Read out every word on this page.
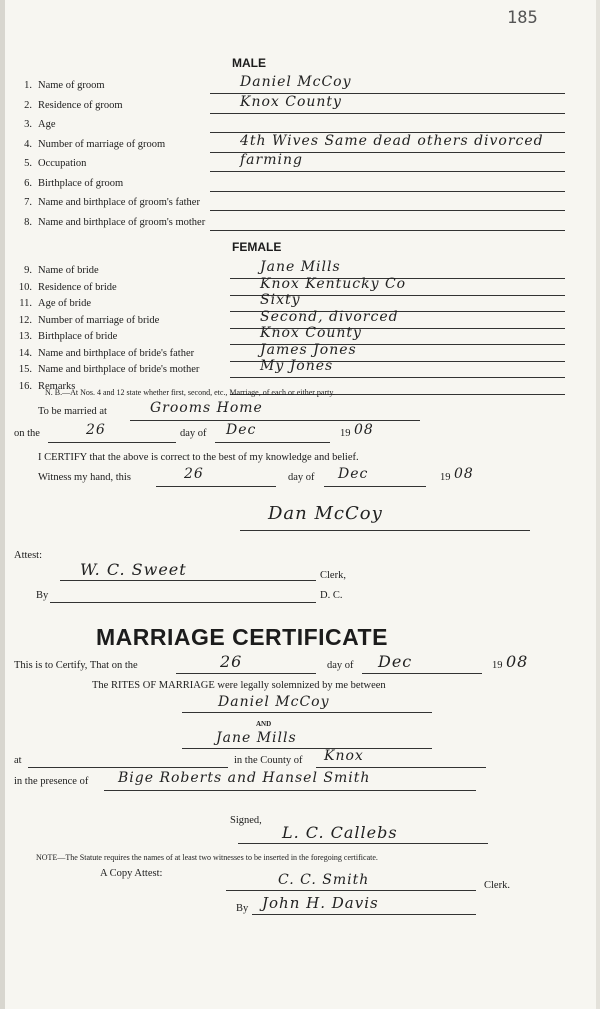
185
MALE
1. Name of groom	Daniel McCoy
2. Residence of groom	Knox County
3. Age
4. Number of marriage of groom	4th Wives Same dead others divorced
5. Occupation	farming
6. Birthplace of groom
7. Name and birthplace of groom's father
8. Name and birthplace of groom's mother
FEMALE
9. Name of bride	Jane Mills
10. Residence of bride	Knox Kentucky Co
11. Age of bride	Sixty
12. Number of marriage of bride	Second, divorced
13. Birthplace of bride	Knox County
14. Name and birthplace of bride's father	James Jones
15. Name and birthplace of bride's mother	My Jones
16. Remarks
N. B.—At Nos. 4 and 12 state whether first, second, etc., Marriage, of each or either party.
To be married at	Grooms Home
on the	26	day of Dec	19 08
I CERTIFY that the above is correct to the best of my knowledge and belief.
Witness my hand, this	26	day of Dec	19 08
Dan McCoy
Attest:
W. C. Sweet	Clerk,
By	D. C.
MARRIAGE CERTIFICATE
This is to Certify, That on the	26	day of Dec	19 08
The RITES OF MARRIAGE were legally solemnized by me between
Daniel McCoy
AND
Jane Mills
at	in the County of Knox
in the presence of Bige Roberts and Hansel Smith
Signed,
L. C. Callebs
NOTE—The Statute requires the names of at least two witnesses to be inserted in the foregoing certificate.
A Copy Attest:	C. C. Smith	Clerk.
By John H. Davis
